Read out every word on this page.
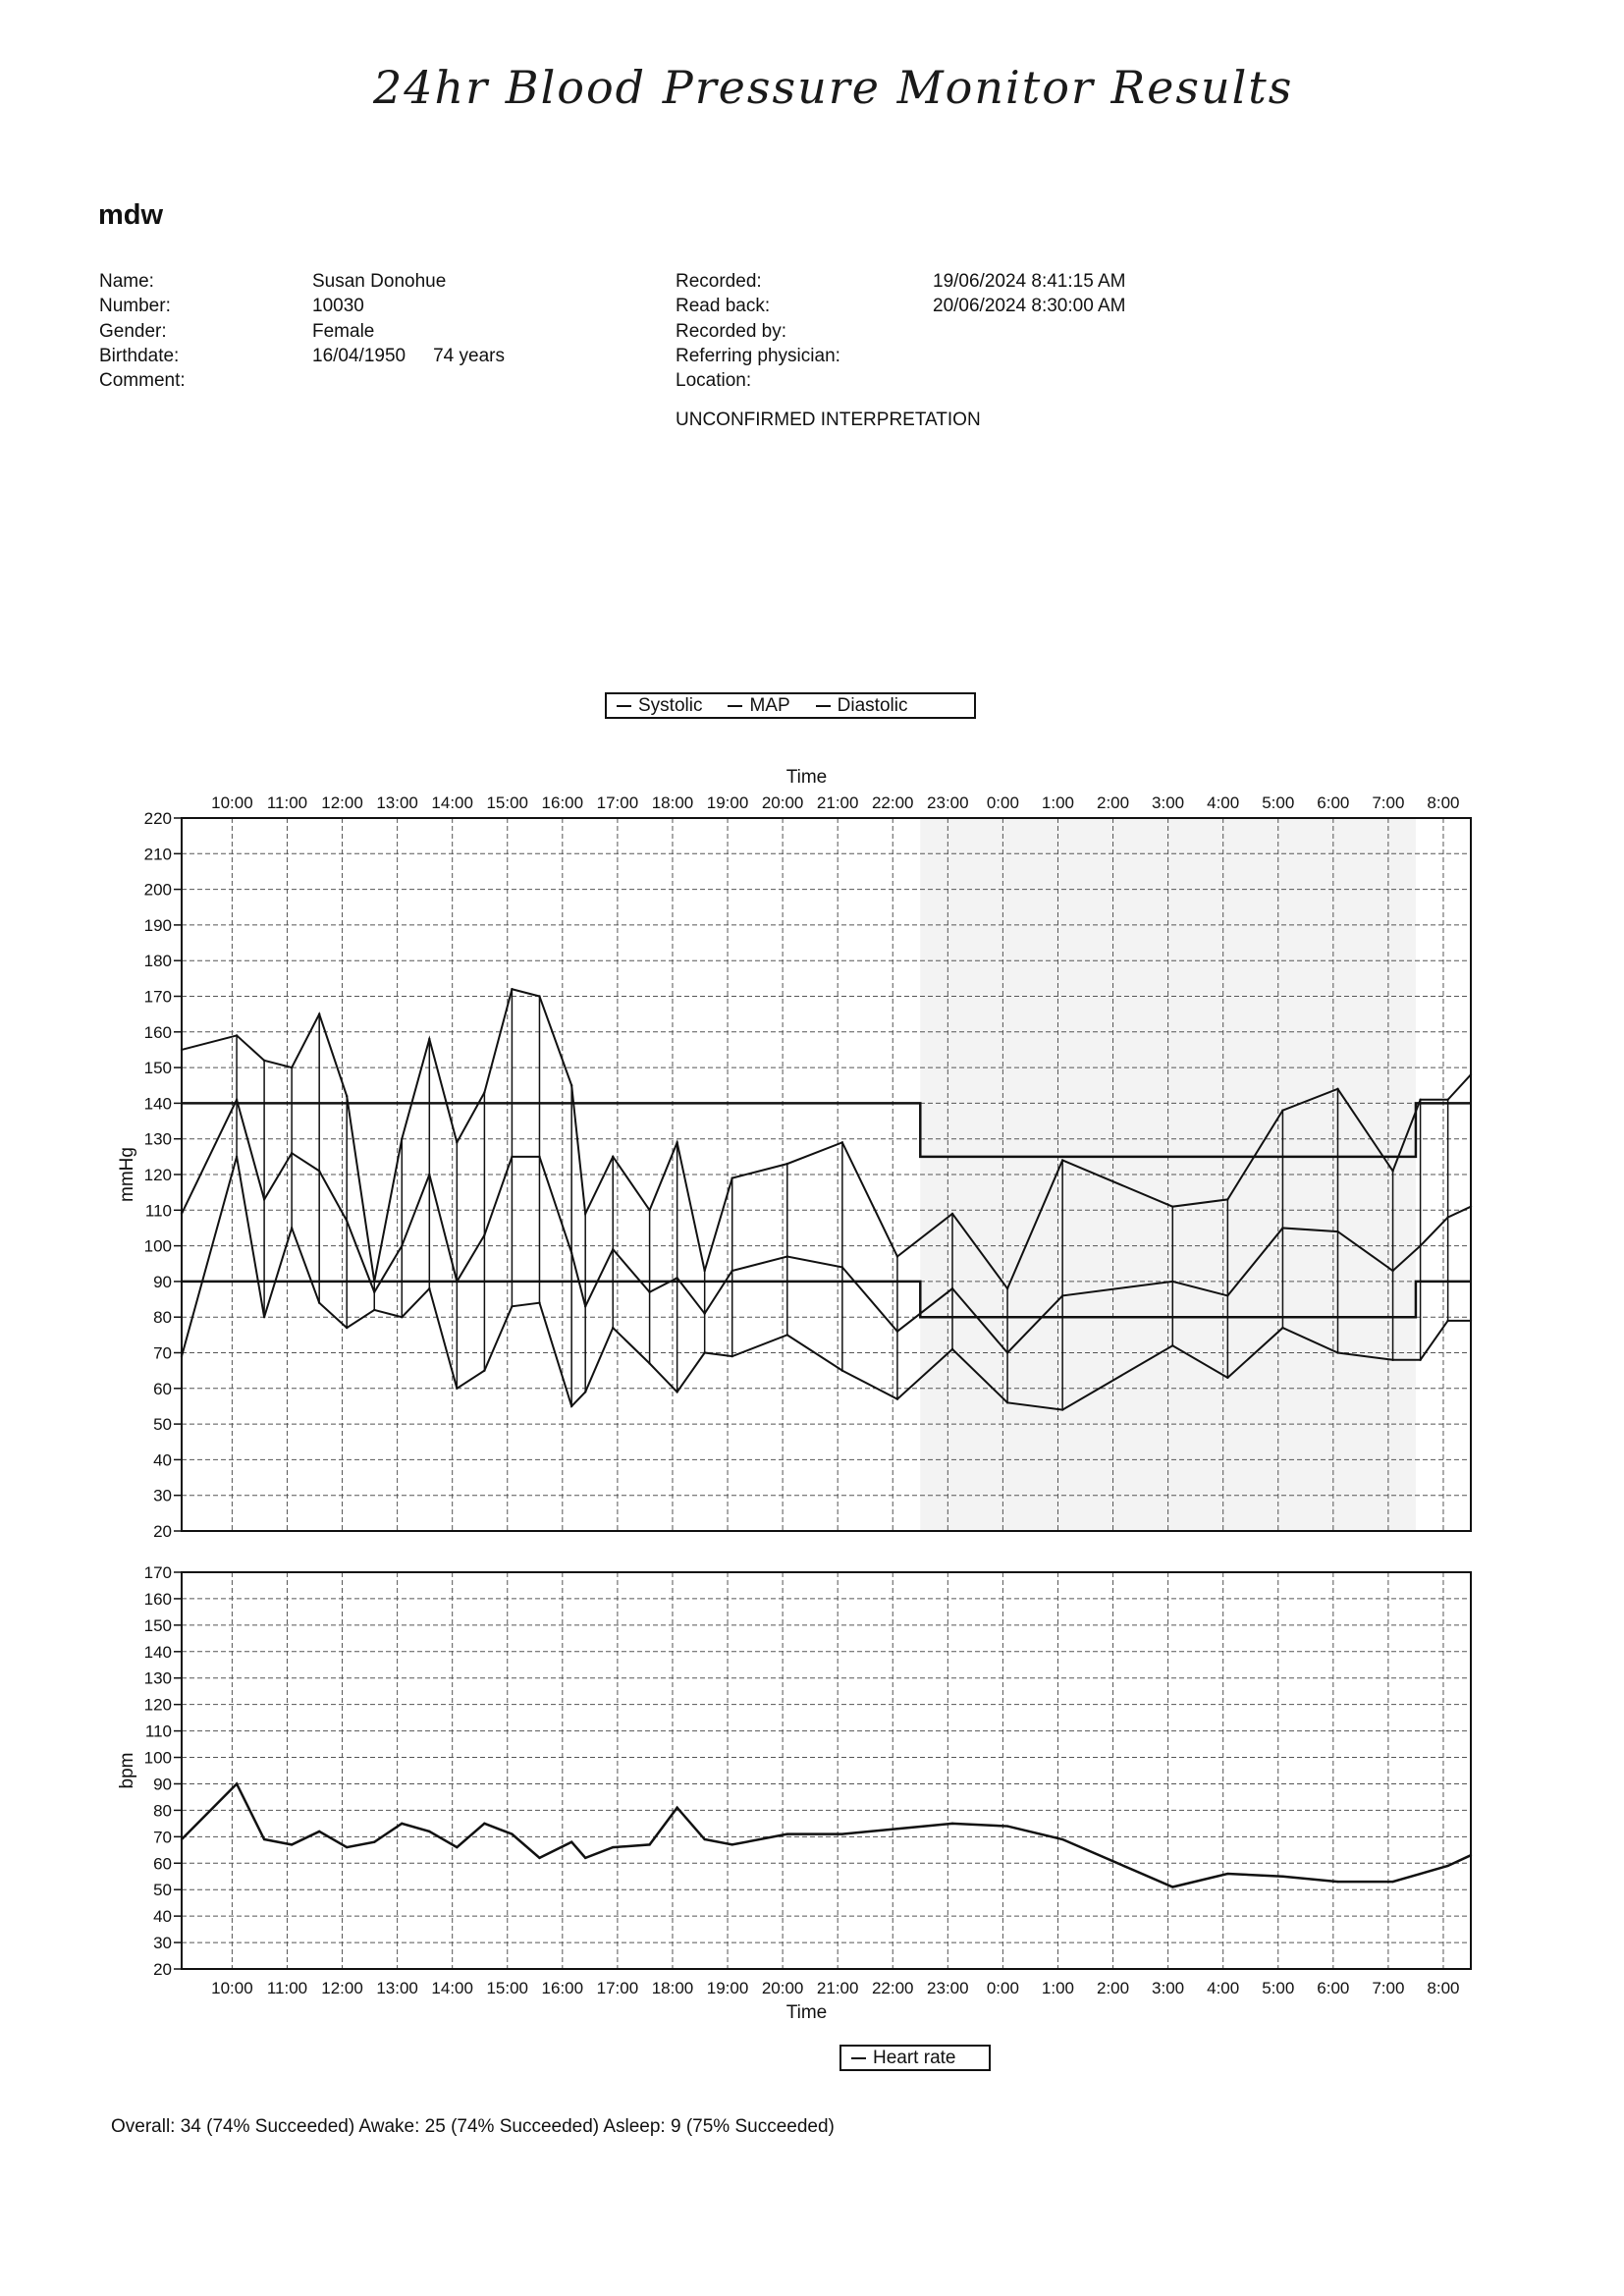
24hr Blood Pressure Monitor Results
mdw
Name:
Number:
Gender:
Birthdate:
Comment:
Susan Donohue
10030
Female
16/04/1950 74 years
Recorded:
Read back:
Recorded by:
Referring physician:
Location:
19/06/2024 8:41:15 AM
20/06/2024 8:30:00 AM
UNCONFIRMED INTERPRETATION
Systolic	MAP	Diastolic
Heart rate
20
30
40
50
60
70
80
90
100
110
120
130
140
150
160
170
180
190
200
210
220
10:00 11:00 12:00 13:00 14:00 15:00 16:00 17:00 18:00 19:00 20:00 21:00 22:00 23:00 0:00 1:00 2:00 3:00 4:00 5:00 6:00 7:00 8:00
Time
mmHg
20
30
40
50
60
70
80
90
100
110
120
130
140
150
160
170
10:00 11:00 12:00 13:00 14:00 15:00 16:00 17:00 18:00 19:00 20:00 21:00 22:00 23:00 0:00 1:00 2:00 3:00 4:00 5:00 6:00 7:00 8:00
Time
bpm
Overall: 34 (74% Succeeded) Awake: 25 (74% Succeeded) Asleep: 9 (75% Succeeded)
